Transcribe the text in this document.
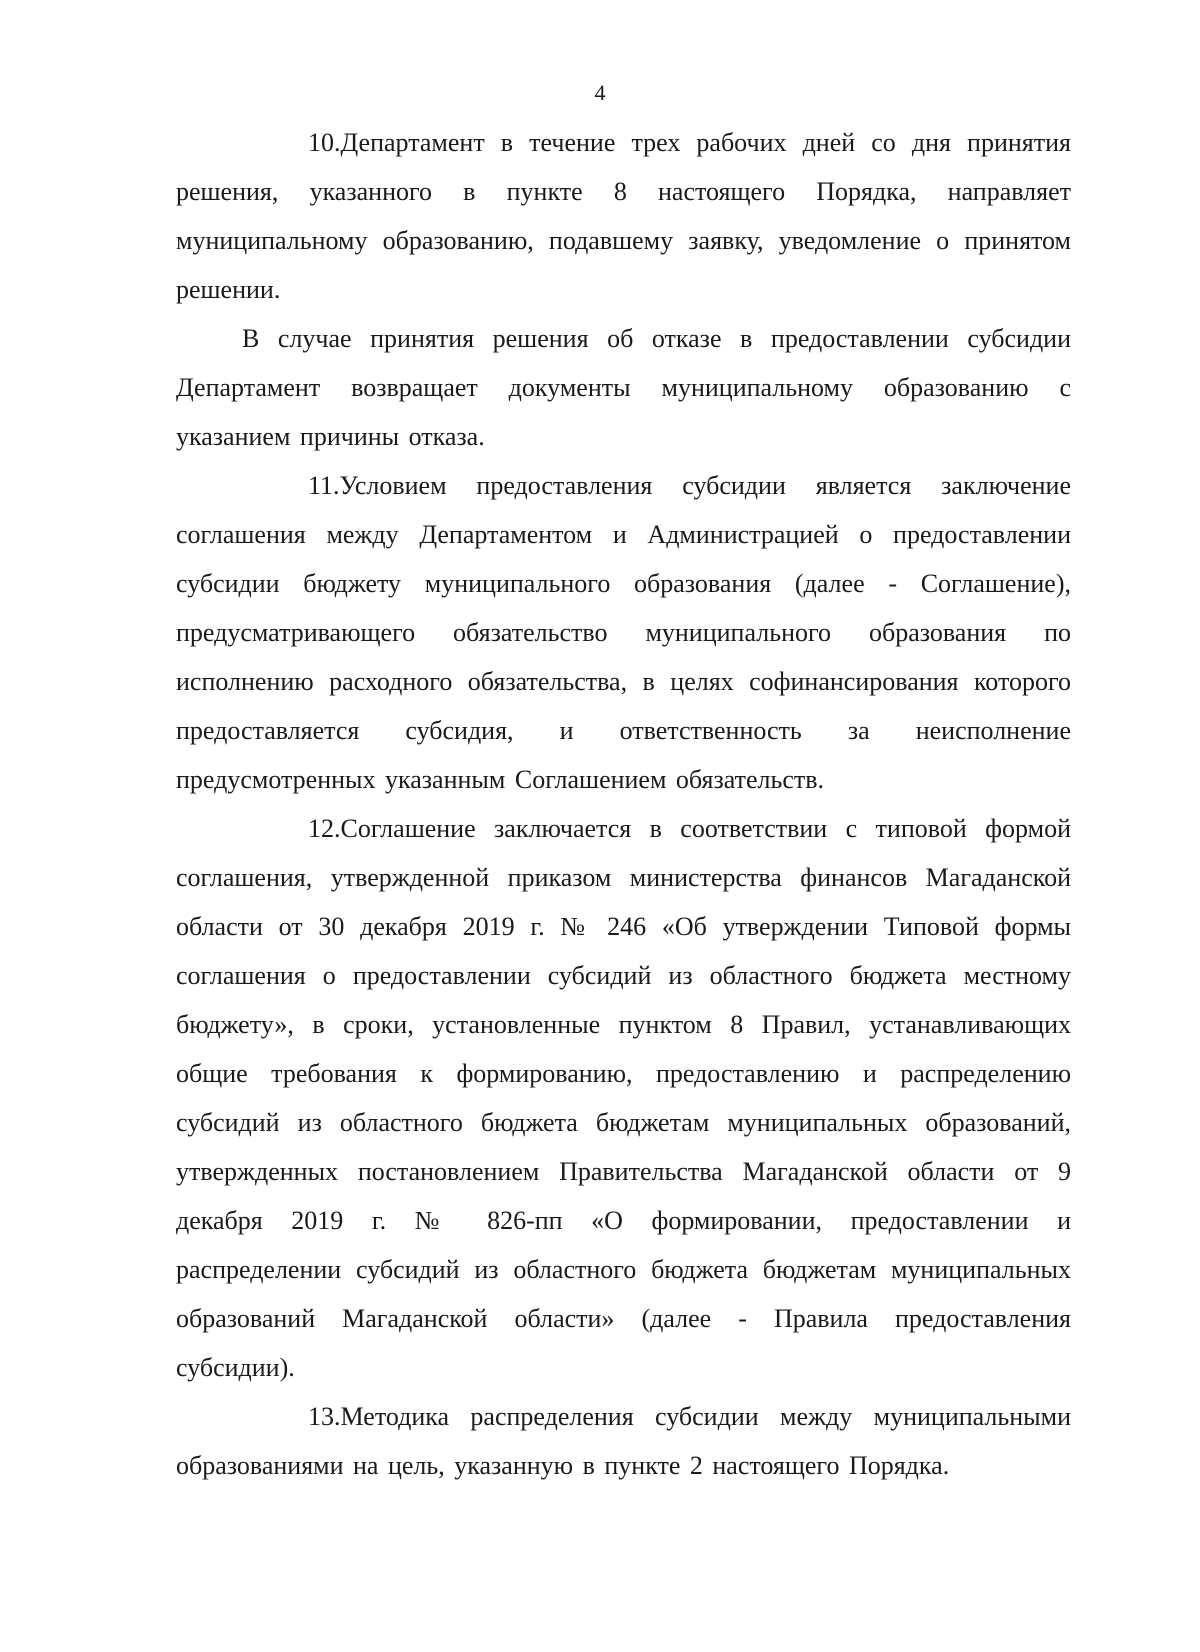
4

10.Департамент в течение трех рабочих дней со дня принятия решения, указанного в пункте 8 настоящего Порядка, направляет муниципальному образованию, подавшему заявку, уведомление о принятом решении.

В случае принятия решения об отказе в предоставлении субсидии Департамент возвращает документы муниципальному образованию с указанием причины отказа.

11.Условием предоставления субсидии является заключение соглашения между Департаментом и Администрацией о предоставлении субсидии бюджету муниципального образования (далее - Соглашение), предусматривающего обязательство муниципального образования по исполнению расходного обязательства, в целях софинансирования которого предоставляется субсидия, и ответственность за неисполнение предусмотренных указанным Соглашением обязательств.

12.Соглашение заключается в соответствии с типовой формой соглашения, утвержденной приказом министерства финансов Магаданской области от 30 декабря 2019 г. № 246 «Об утверждении Типовой формы соглашения о предоставлении субсидий из областного бюджета местному бюджету», в сроки, установленные пунктом 8 Правил, устанавливающих общие требования к формированию, предоставлению и распределению субсидий из областного бюджета бюджетам муниципальных образований, утвержденных постановлением Правительства Магаданской области от 9 декабря 2019 г. № 826-пп «О формировании, предоставлении и распределении субсидий из областного бюджета бюджетам муниципальных образований Магаданской области» (далее - Правила предоставления субсидии).

13.Методика распределения субсидии между муниципальными образованиями на цель, указанную в пункте 2 настоящего Порядка.
